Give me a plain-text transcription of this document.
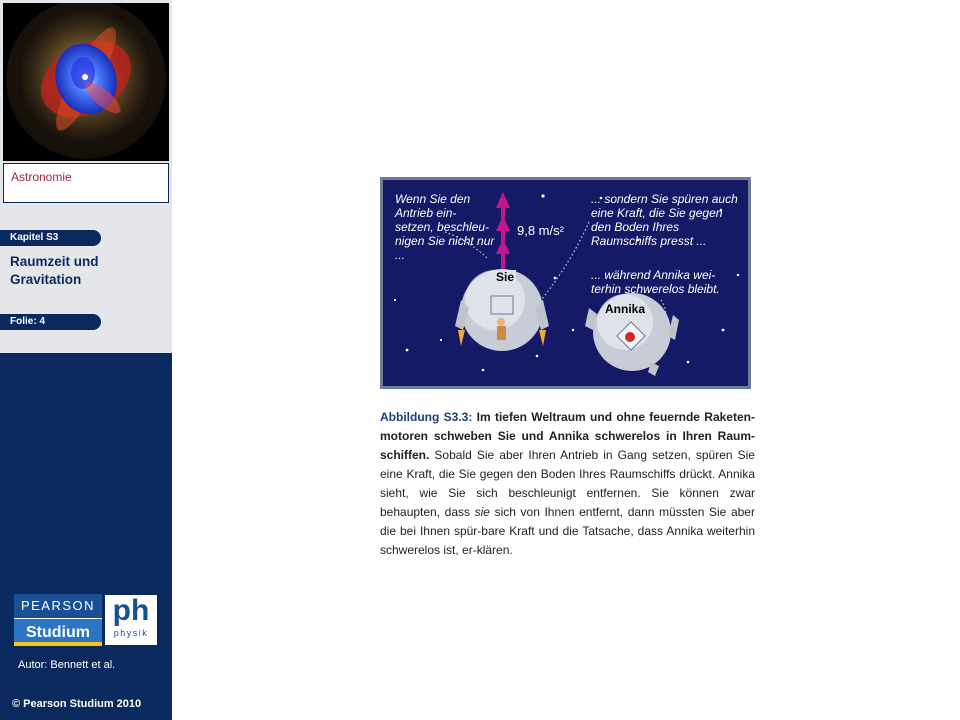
Astronomie
Kapitel S3
Raumzeit und Gravitation
Folie: 4
PEARSON
Studium
ph
physik
Autor: Bennett et al.
© Pearson Studium 2010
Wenn Sie den Antrieb ein-setzen, beschleu-nigen Sie nicht nur ...
... sondern Sie spüren auch eine Kraft, die Sie gegen den Boden Ihres Raumschiffs presst ...
... während Annika wei-terhin schwerelos bleibt.
9,8 m/s²
Sie
Annika
Abbildung S3.3: Im tiefen Weltraum und ohne feuernde Raketen-motoren schweben Sie und Annika schwerelos in Ihren Raum-schiffen. Sobald Sie aber Ihren Antrieb in Gang setzen, spüren Sie eine Kraft, die Sie gegen den Boden Ihres Raumschiffs drückt. Annika sieht, wie Sie sich beschleunigt entfernen. Sie können zwar behaupten, dass sie sich von Ihnen entfernt, dann müssten Sie aber die bei Ihnen spür-bare Kraft und die Tatsache, dass Annika weiterhin schwerelos ist, er-klären.
